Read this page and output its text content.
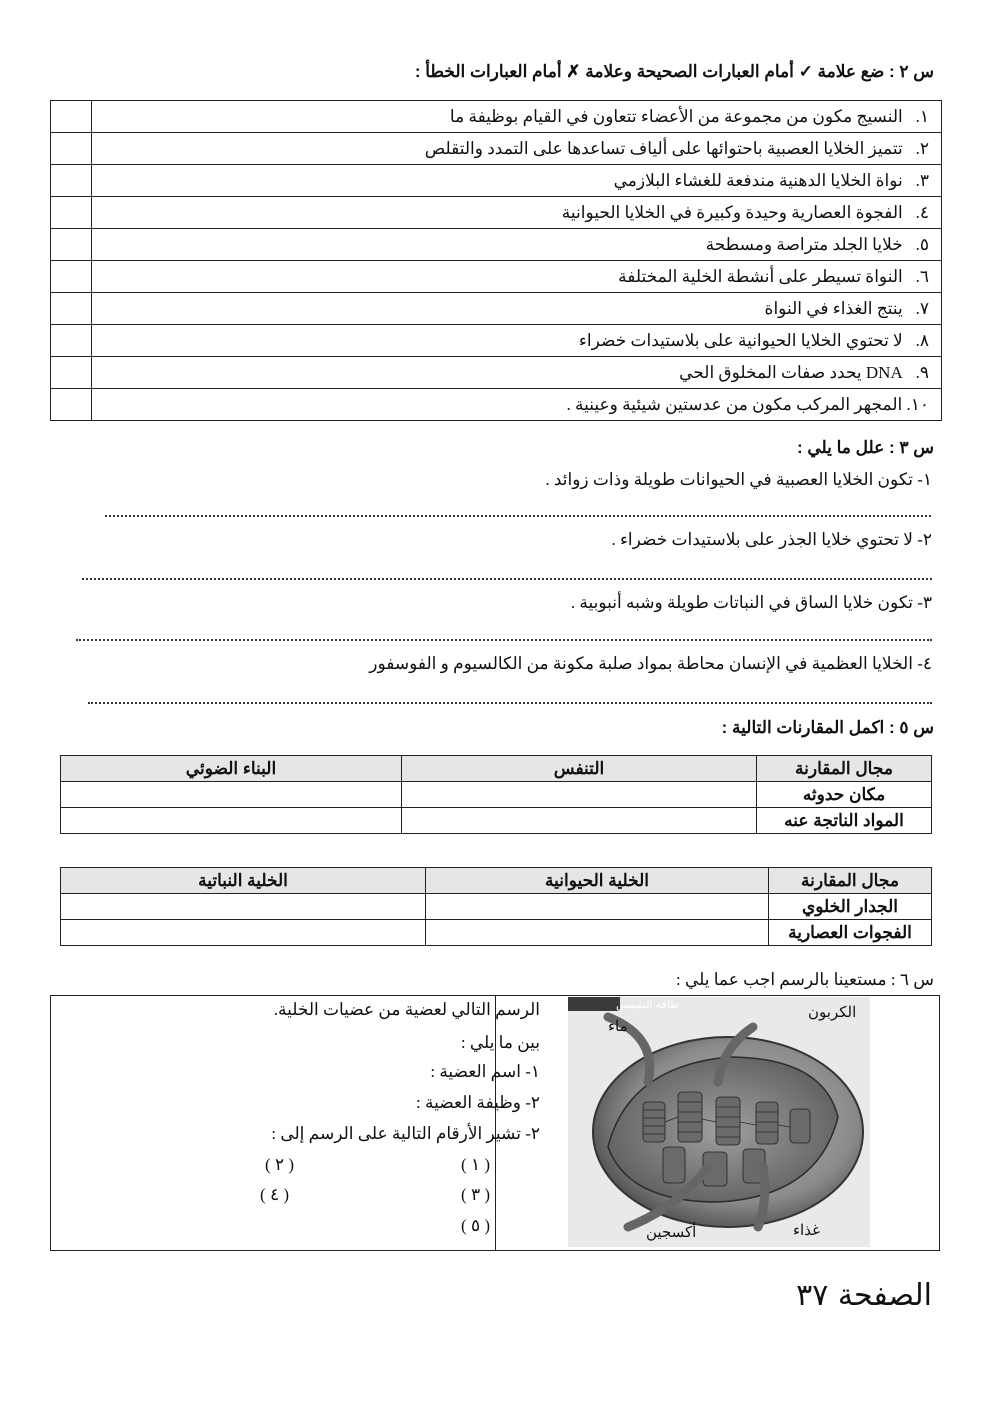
س ٢ : ضع علامة ✓ أمام العبارات الصحيحة وعلامة ✗ أمام العبارات الخطأ :
١. النسيج مكون من مجموعة من الأعضاء تتعاون في القيام بوظيفة ما	
٢. تتميز الخلايا العصبية باحتوائها على ألياف تساعدها على التمدد والتقلص	
٣. نواة الخلايا الدهنية مندفعة للغشاء البلازمي	
٤. الفجوة العصارية وحيدة وكبيرة في الخلايا الحيوانية	
٥. خلايا الجلد متراصة ومسطحة	
٦. النواة تسيطر على أنشطة الخلية المختلفة	
٧. ينتج الغذاء في النواة	
٨. لا تحتوي الخلايا الحيوانية على بلاستيدات خضراء	
٩. DNA يحدد صفات المخلوق الحي	
١٠. المجهر المركب مكون من عدستين شيئية وعينية .	
س ٣ : علل ما يلي :
١- تكون الخلايا العصبية في الحيوانات طويلة وذات زوائد .
٢- لا تحتوي خلايا الجذر على بلاستيدات خضراء .
٣- تكون خلايا الساق في النباتات طويلة وشبه أنبوبية .
٤- الخلايا العظمية في الإنسان محاطة بمواد صلبة مكونة من الكالسيوم و الفوسفور
س ٥ : اكمل المقارنات التالية :
مجال المقارنة	التنفس	البناء الضوئي
مكان حدوثه		
المواد الناتجة عنه		
مجال المقارنة	الخلية الحيوانية	الخلية النباتية
الجدار الخلوي		
الفجوات العصارية		
س ٦ : مستعينا بالرسم اجب عما يلي :
الرسم التالي لعضية من عضيات الخلية.
بين ما يلي :
١- اسم العضية :
٢- وظيفة العضية :
٢- تشير الأرقام التالية على الرسم إلى :
( ١ )
( ٢ )
( ٣ )
( ٤ )
( ٥ )
طاقة الشمس
ماء
الكربون
غذاء
أكسجين
الصفحة ٣٧
